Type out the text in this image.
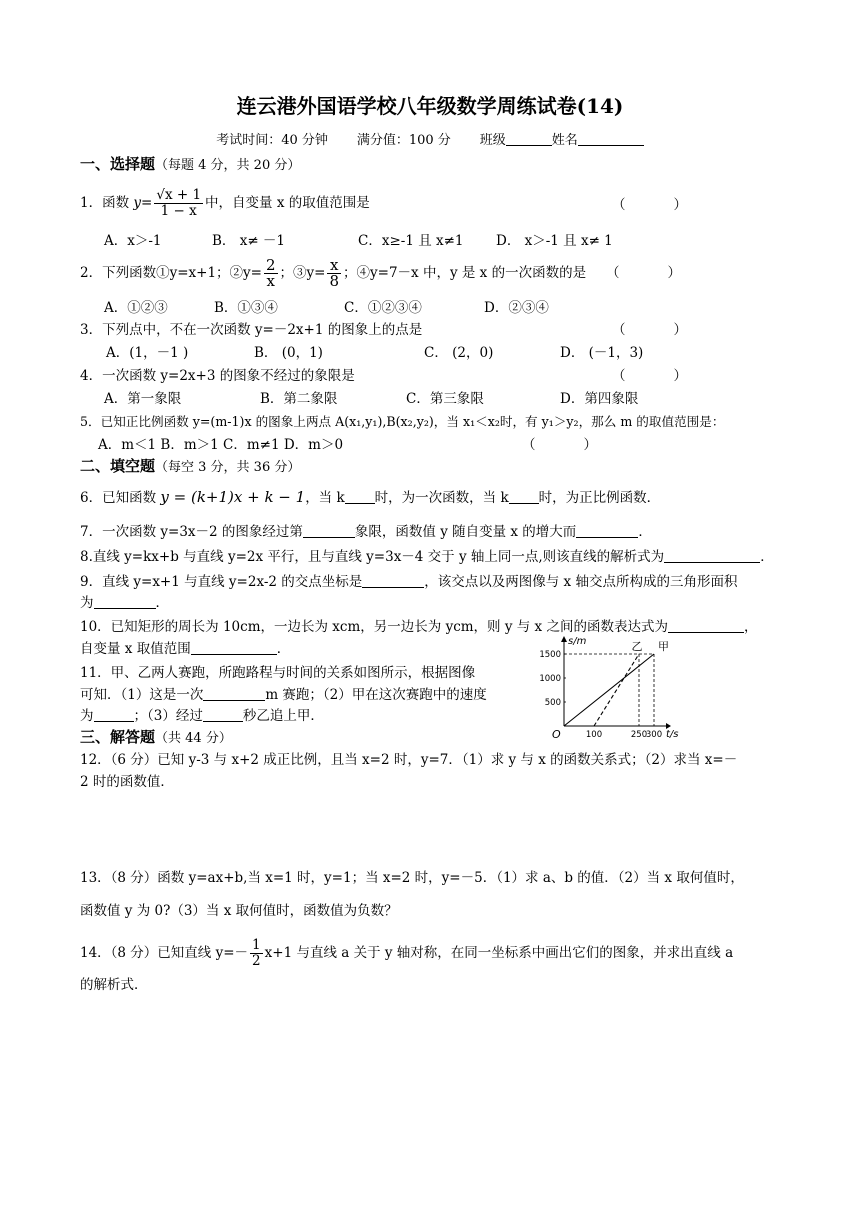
连云港外国语学校八年级数学周练试卷(14)
考试时间：40 分钟 满分值：100 分 班级	姓名
一、选择题（每题 4 分，共 20 分）
1．函数 $y= \frac{√x + 1}{1 - x}$ 中，自变量 x 的取值范围是	（	）
A．x＞-1	B． x≠ －1	C．x≥-1 且 x≠1 D． x＞-1 且 x≠ 1
2．下列函数①y=x+1；②y= $\frac{2}{x}$ ；③y= $\frac{x}{8}$ ；④y=7－x 中，y 是 x 的一次函数的是 （	）
A．①②③	B．①③④	C．①②③④	D．②③④
3．下列点中，不在一次函数 y=－2x+1 的图象上的点是	（	）
A．(1，－1 )	B． (0，1)	C． (2，0)	D． (－1，3)
4．一次函数 y=2x+3 的图象不经过的象限是	（	）
A．第一象限	B．第二象限	C．第三象限	D．第四象限
5．已知正比例函数 y=(m-1)x 的图象上两点 A(x₁,y₁),B(x₂,y₂)，当 x₁＜x₂时，有 y₁＞y₂，那么 m 的取值范围是：
A．m＜1 B．m＞1 C．m≠1 D．m＞0	（	）
二、填空题（每空 3 分，共 36 分）
6．已知函数 y = (k+1)x + k − 1，当 k 时，为一次函数，当 k 时，为正比例函数．
7．一次函数 y=3x－2 的图象经过第	象限，函数值 y 随自变量 x 的增大而	．
8.直线 y=kx+b 与直线 y=2x 平行，且与直线 y=3x－4 交于 y 轴上同一点,则该直线的解析式为	．
9．直线 y=x+1 与直线 y=2x-2 的交点坐标是	，该交点以及两图像与 x 轴交点所构成的三角形面积
为	．
10．已知矩形的周长为 10cm，一边长为 xcm，另一边长为 ycm，则 y 与 x 之间的函数表达式为	，
自变量 x 取值范围	．
11．甲、乙两人赛跑，所跑路程与时间的关系如图所示，根据图像
可知．（1）这是一次	m 赛跑；（2）甲在这次赛跑中的速度
为	；（3）经过	秒乙追上甲．
s/m
t/s
O
500
1000
1500
100	250
300
甲
乙
三、解答题（共 44 分）
12．（6 分）已知 y-3 与 x+2 成正比例，且当 x=2 时，y=7．（1）求 y 与 x 的函数关系式；（2）求当 x=－
2 时的函数值．
13．（8 分）函数 y=ax+b,当 x=1 时，y=1；当 x=2 时，y=－5．（1）求 a、b 的值．（2）当 x 取何值时，
函数值 y 为 0?（3）当 x 取何值时，函数值为负数？
14．（8 分）已知直线 $y=- \frac{1}{2} x+1$ 与直线 a 关于 y 轴对称，在同一坐标系中画出它们的图象，并求出直线 a
的解析式．
